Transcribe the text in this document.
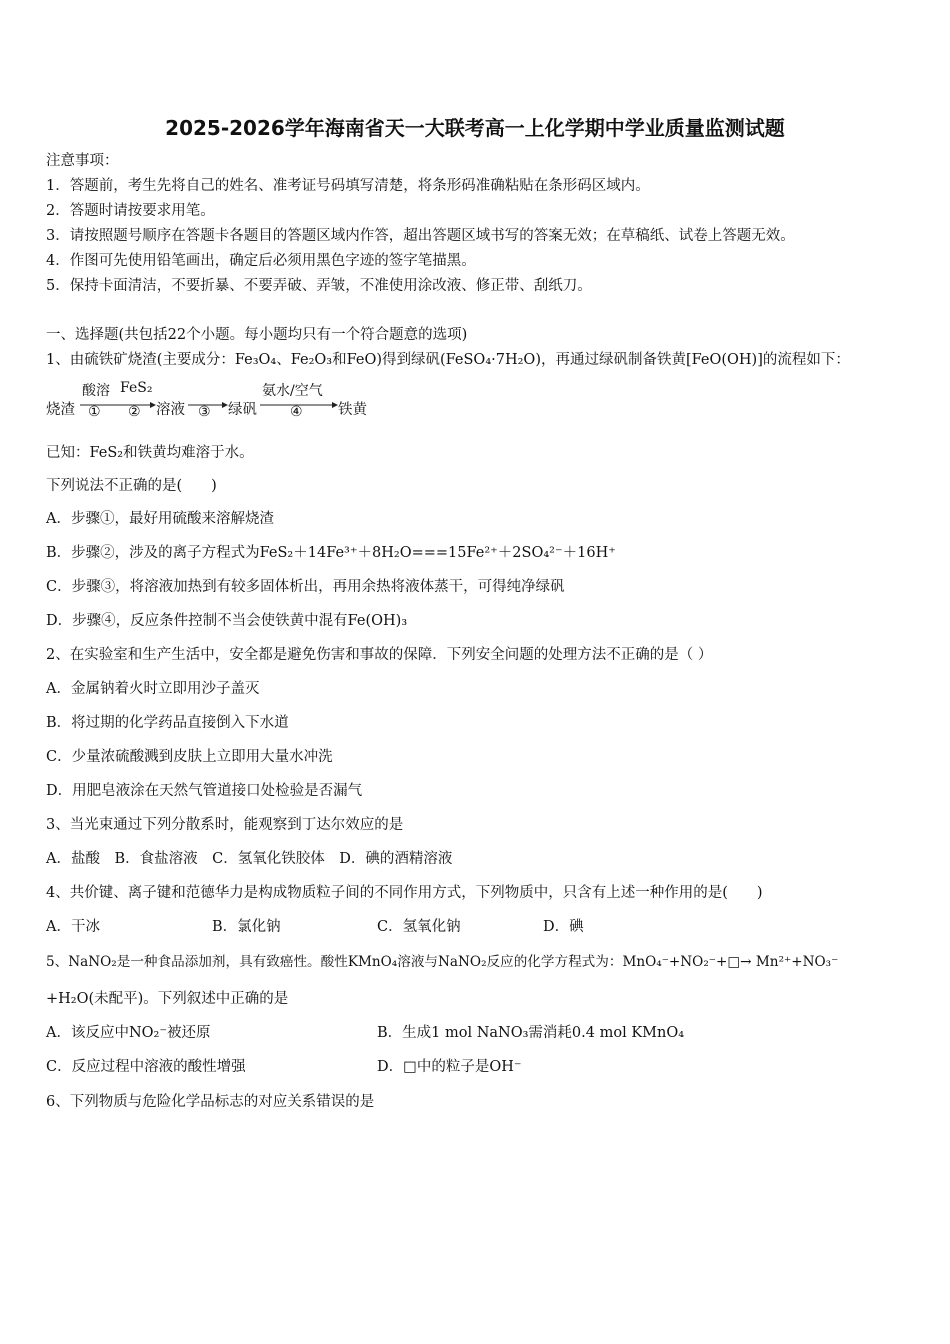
2025-2026学年海南省天一大联考高一上化学期中学业质量监测试题
注意事项：
1．答题前，考生先将自己的姓名、准考证号码填写清楚，将条形码准确粘贴在条形码区域内。
2．答题时请按要求用笔。
3．请按照题号顺序在答题卡各题目的答题区域内作答，超出答题区域书写的答案无效；在草稿纸、试卷上答题无效。
4．作图可先使用铅笔画出，确定后必须用黑色字迹的签字笔描黑。
5．保持卡面清洁，不要折暴、不要弄破、弄皱，不准使用涂改液、修正带、刮纸刀。
一、选择题(共包括22个小题。每小题均只有一个符合题意的选项)
1、由硫铁矿烧渣(主要成分：Fe₃O₄、Fe₂O₃和FeO)得到绿矾(FeSO₄·7H₂O)，再通过绿矾制备铁黄[FeO(OH)]的流程如下：
烧渣
酸溶
①
FeS₂
② 溶液 ③ 绿矾
氨水/空气
④ 铁黄
已知：FeS₂和铁黄均难溶于水。
下列说法不正确的是(　　)
A．步骤①，最好用硫酸来溶解烧渣
B．步骤②，涉及的离子方程式为FeS₂＋14Fe³⁺＋8H₂O===15Fe²⁺＋2SO₄²⁻＋16H⁺
C．步骤③，将溶液加热到有较多固体析出，再用余热将液体蒸干，可得纯净绿矾
D．步骤④，反应条件控制不当会使铁黄中混有Fe(OH)₃
2、在实验室和生产生活中，安全都是避免伤害和事故的保障．下列安全问题的处理方法不正确的是（ ）
A．金属钠着火时立即用沙子盖灭
B．将过期的化学药品直接倒入下水道
C．少量浓硫酸溅到皮肤上立即用大量水冲洗
D．用肥皂液涂在天然气管道接口处检验是否漏气
3、当光束通过下列分散系时，能观察到丁达尔效应的是
A．盐酸　B．食盐溶液　C．氢氧化铁胶体　D．碘的酒精溶液
4、共价键、离子键和范德华力是构成物质粒子间的不同作用方式，下列物质中，只含有上述一种作用的是(　　)
A．干冰	B．氯化钠	C．氢氧化钠	D．碘
5、NaNO₂是一种食品添加剂，具有致癌性。酸性KMnO₄溶液与NaNO₂反应的化学方程式为：MnO₄⁻+NO₂⁻+□→ Mn²⁺+NO₃⁻
+H₂O(未配平)。下列叙述中正确的是
A．该反应中NO₂⁻被还原	B．生成1 mol NaNO₃需消耗0.4 mol KMnO₄
C．反应过程中溶液的酸性增强	D．□中的粒子是OH⁻
6、下列物质与危险化学品标志的对应关系错误的是
